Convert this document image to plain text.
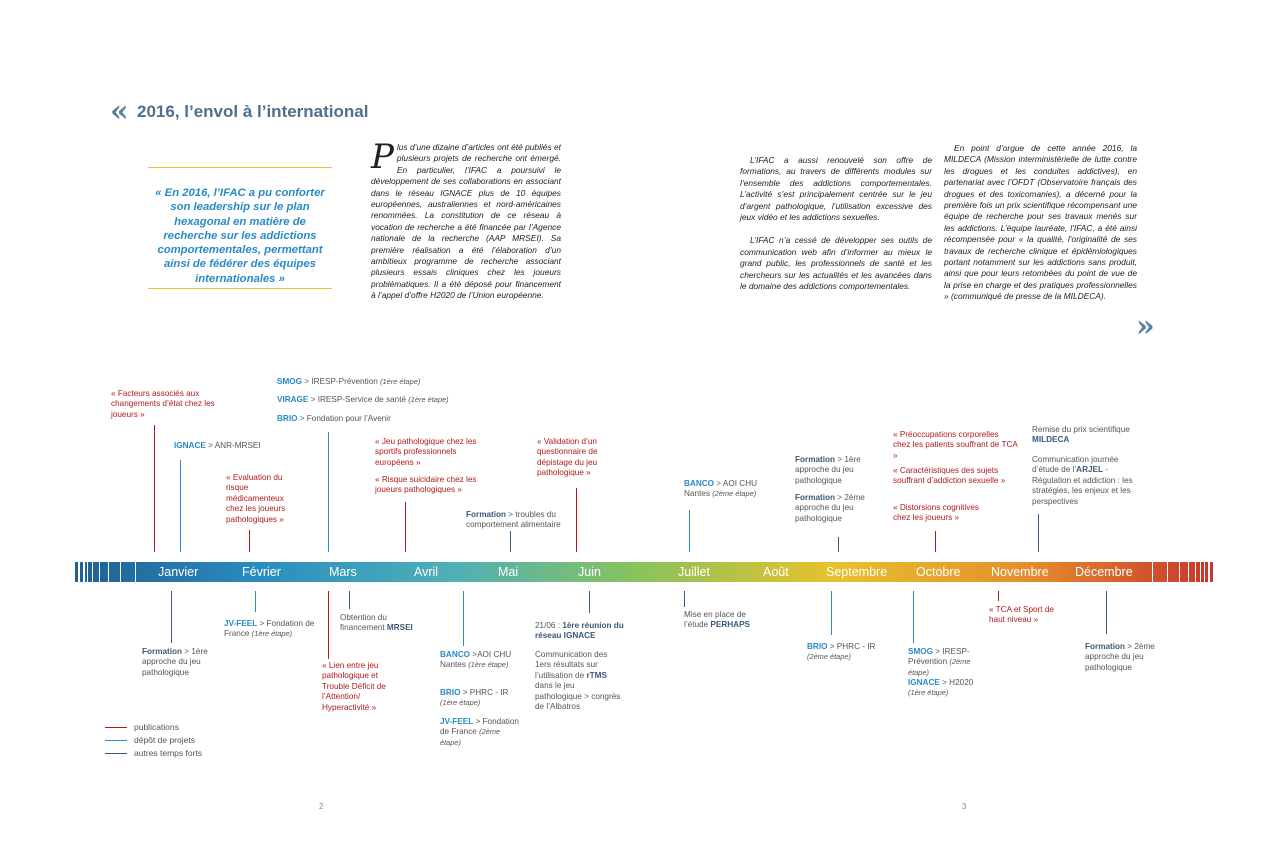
« 2016, l’envol à l’international
« En 2016, l’IFAC a pu conforter son leadership sur le plan hexagonal en matière de recherche sur les addictions comportementales, permettant ainsi de fédérer des équipes internationales »
Plus d’une dizaine d’articles ont été publiés et plusieurs projets de recherche ont émergé. En particulier, l’IFAC a poursuivi le développement de ses collaborations en associant dans le réseau IGNACE plus de 10 équipes européennes, australiennes et nord-américaines renommées. La constitution de ce réseau à vocation de recherche a été financée par l’Agence nationale de la recherche (AAP MRSEI). Sa première réalisation a été l’élaboration d’un ambitieux programme de recherche associant plusieurs essais cliniques chez les joueurs problématiques. Il a été déposé pour financement à l’appel d’offre H2020 de l’Union européenne.

L’IFAC a aussi renouvelé son offre de formations, au travers de différents modules sur l’ensemble des addictions comportementales. L’activité s’est principalement centrée sur le jeu d’argent pathologique, l’utilisation excessive des jeux vidéo et les addictions sexuelles.

L’IFAC n’a cessé de développer ses outils de communication web afin d’informer au mieux le grand public, les professionnels de santé et les chercheurs sur les actualités et les avancées dans le domaine des addictions comportementales.

En point d’orgue de cette année 2016, la MILDECA (Mission interministérielle de lutte contre les drogues et les conduites addictives), en partenariat avec l’OFDT (Observatoire français des drogues et des toxicomanies), a décerné pour la première fois un prix scientifique récompensant une équipe de recherche pour ses travaux menés sur les addictions. L’équipe lauréate, l’IFAC, a été ainsi récompensée pour « la qualité, l’originalité de ses travaux de recherche clinique et épidémiologiques portant notamment sur les addictions sans produit, ainsi que pour leurs retombées du point de vue de la prise en charge et des pratiques professionnelles » (communiqué de presse de la MILDECA).

»
Janvier	Février	Mars	Avril	Mai	Juin	Juillet	Août	Septembre Octobre Novembre Décembre
« Facteurs associés aux changements d’état chez les joueurs »
IGNACE > ANR-MRSEI
« Evaluation du risque médicamenteux chez les joueurs pathologiques »
SMOG > IRESP-Prévention (1ère étape)
VIRAGE > IRESP-Service de santé (1ère étape)
BRIO > Fondation pour l’Avenir
« Jeu pathologique chez les sportifs professionnels européens »
« Risque suicidaire chez les joueurs pathologiques »
Formation > troubles du comportement alimentaire
« Validation d’un questionnaire de dépistage du jeu pathologique »
BANCO > AOI CHU Nantes (2ème étape)
Formation > 1ère approche du jeu pathologique
Formation > 2ème approche du jeu pathologique
« Préoccupations corporelles chez les patients souffrant de TCA »
« Caractéristiques des sujets souffrant d’addiction sexuelle »
« Distorsions cognitives chez les joueurs »
Remise du prix scientifique MILDECA
Communication journée d’étude de l’ARJEL - Régulation et addiction : les stratégies, les enjeux et les perspectives
Formation > 1ère approche du jeu pathologique
JV-FEEL > Fondation de France (1ère étape)
Obtention du financement MRSEI
« Lien entre jeu pathologique et Trouble Déficit de l’Attention/ Hyperactivité »
BANCO >AOI CHU Nantes (1ère étape)
BRIO > PHRC - IR (1ère étape)
JV-FEEL > Fondation de France (2ème étape)
21/06 : 1ère réunion du réseau IGNACE
Communication des 1ers résultats sur l’utilisation de rTMS dans le jeu pathologique > congrès de l’Albatros
Mise en place de l’étude PERHAPS
BRIO > PHRC - IR (2ème étape)
SMOG > IRESP-Prévention (2ème étape)
IGNACE > H2020 (1ère étape)
« TCA et Sport de haut niveau »
Formation > 2ème approche du jeu pathologique
publications
dépôt de projets
autres temps forts
2	3
